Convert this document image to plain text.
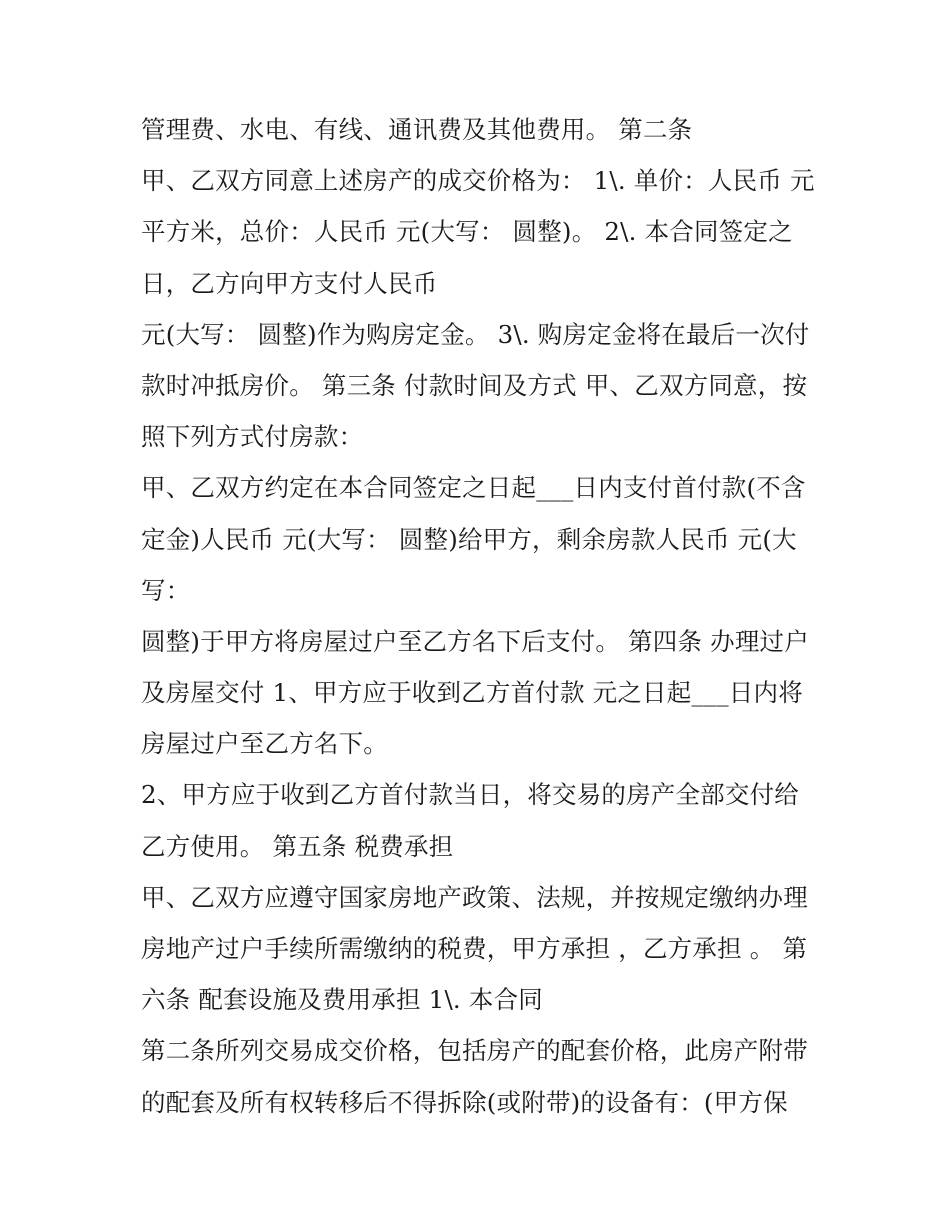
管理费、水电、有线、通讯费及其他费用。 第二条
甲、乙双方同意上述房产的成交价格为： 1\. 单价：人民币 元
平方米，总价：人民币 元(大写： 圆整)。 2\. 本合同签定之
日，乙方向甲方支付人民币
元(大写： 圆整)作为购房定金。 3\. 购房定金将在最后一次付
款时冲抵房价。 第三条 付款时间及方式 甲、乙双方同意，按
照下列方式付房款：
甲、乙双方约定在本合同签定之日起___日内支付首付款(不含
定金)人民币 元(大写： 圆整)给甲方，剩余房款人民币 元(大
写：
圆整)于甲方将房屋过户至乙方名下后支付。 第四条 办理过户
及房屋交付 1、甲方应于收到乙方首付款 元之日起___日内将
房屋过户至乙方名下。
2、甲方应于收到乙方首付款当日，将交易的房产全部交付给
乙方使用。 第五条 税费承担
甲、乙双方应遵守国家房地产政策、法规，并按规定缴纳办理
房地产过户手续所需缴纳的税费，甲方承担 ，乙方承担 。 第
六条 配套设施及费用承担 1\. 本合同
第二条所列交易成交价格，包括房产的配套价格，此房产附带
的配套及所有权转移后不得拆除(或附带)的设备有：(甲方保
